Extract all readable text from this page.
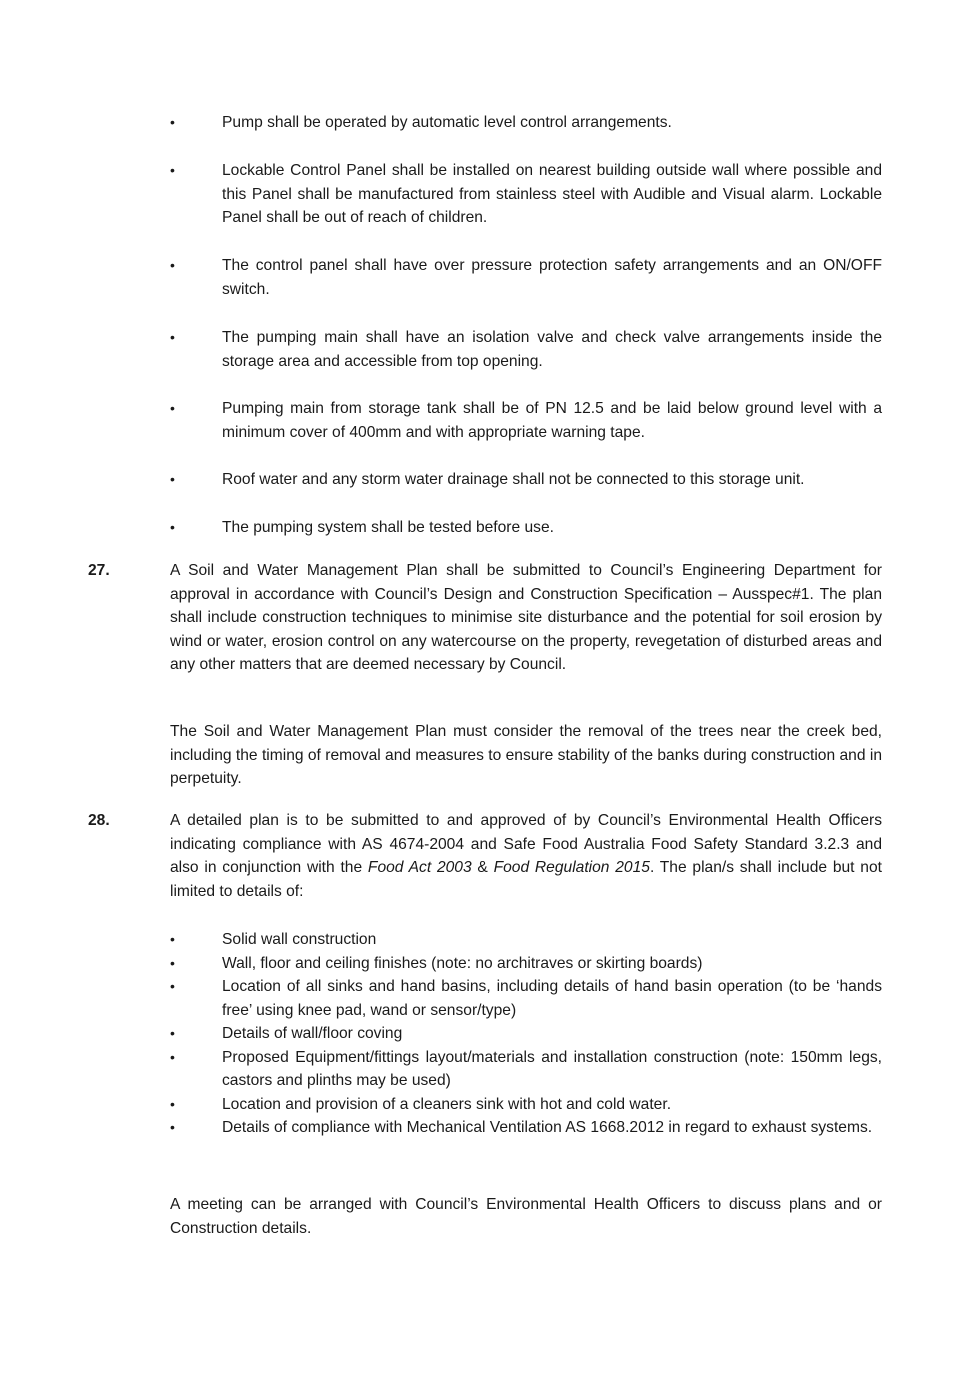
•	Pump shall be operated by automatic level control arrangements.
•	Lockable Control Panel shall be installed on nearest building outside wall where possible and this Panel shall be manufactured from stainless steel with Audible and Visual alarm. Lockable Panel shall be out of reach of children.
•	The control panel shall have over pressure protection safety arrangements and an ON/OFF switch.
•	The pumping main shall have an isolation valve and check valve arrangements inside the storage area and accessible from top opening.
•	Pumping main from storage tank shall be of PN 12.5 and be laid below ground level with a minimum cover of 400mm and with appropriate warning tape.
•	Roof water and any storm water drainage shall not be connected to this storage unit.
•	The pumping system shall be tested before use.
27.	A Soil and Water Management Plan shall be submitted to Council’s Engineering Department for approval in accordance with Council’s Design and Construction Specification – Ausspec#1. The plan shall include construction techniques to minimise site disturbance and the potential for soil erosion by wind or water, erosion control on any watercourse on the property, revegetation of disturbed areas and any other matters that are deemed necessary by Council.
The Soil and Water Management Plan must consider the removal of the trees near the creek bed, including the timing of removal and measures to ensure stability of the banks during construction and in perpetuity.
28.	A detailed plan is to be submitted to and approved of by Council’s Environmental Health Officers indicating compliance with AS 4674-2004 and Safe Food Australia Food Safety Standard 3.2.3 and also in conjunction with the Food Act 2003 & Food Regulation 2015. The plan/s shall include but not limited to details of:
•	Solid wall construction
•	Wall, floor and ceiling finishes (note: no architraves or skirting boards)
•	Location of all sinks and hand basins, including details of hand basin operation (to be ‘hands free’ using knee pad, wand or sensor/type)
•	Details of wall/floor coving
•	Proposed Equipment/fittings layout/materials and installation construction (note: 150mm legs, castors and plinths may be used)
•	Location and provision of a cleaners sink with hot and cold water.
•	Details of compliance with Mechanical Ventilation AS 1668.2012 in regard to exhaust systems.
A meeting can be arranged with Council’s Environmental Health Officers to discuss plans and or Construction details.
